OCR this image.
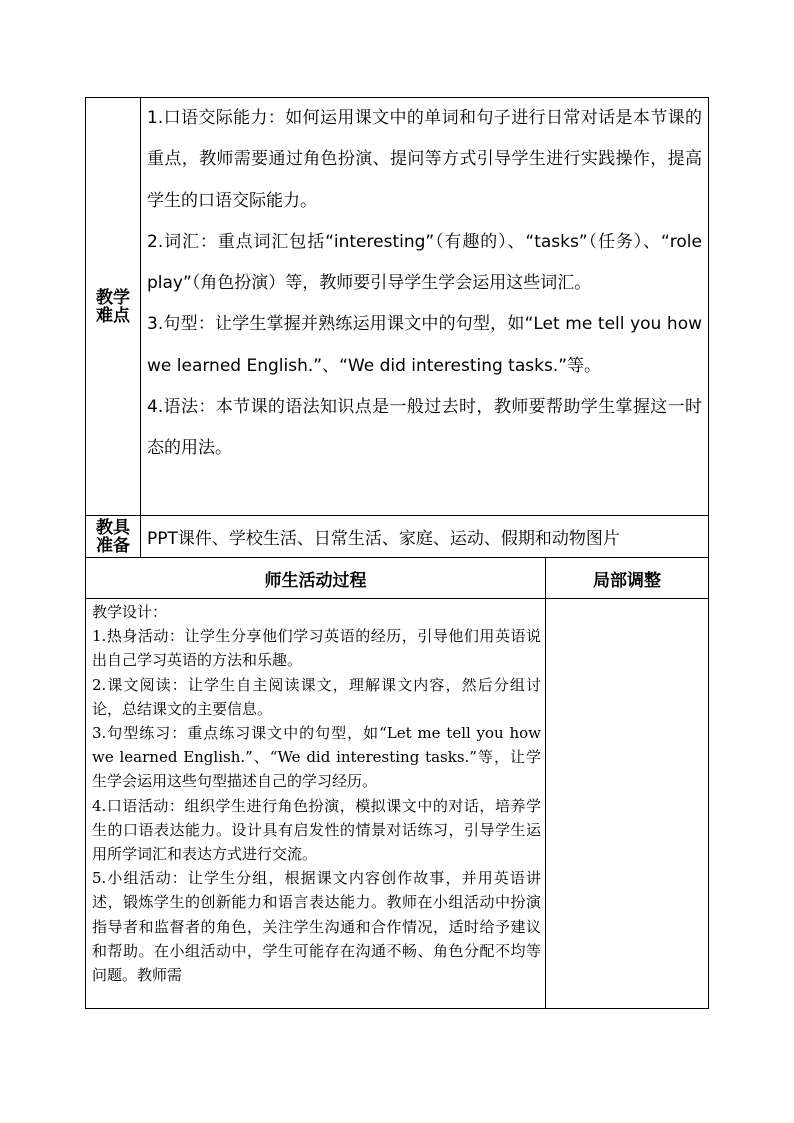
教学难点

1.口语交际能力：如何运用课文中的单词和句子进行日常对话是本节课的重点，教师需要通过角色扮演、提问等方式引导学生进行实践操作，提高学生的口语交际能力。

2.词汇：重点词汇包括“interesting”（有趣的）、“tasks”（任务）、“role play”（角色扮演）等，教师要引导学生学会运用这些词汇。

3.句型：让学生掌握并熟练运用课文中的句型，如“Let me tell you how we learned English.”、“We did interesting tasks.”等。

4.语法：本节课的语法知识点是一般过去时，教师要帮助学生掌握这一时态的用法。

教具准备 PPT课件、学校生活、日常生活、家庭、运动、假期和动物图片
师生活动过程	局部调整

教学设计：

1.热身活动：让学生分享他们学习英语的经历，引导他们用英语说出自己学习英语的方法和乐趣。

2.课文阅读：让学生自主阅读课文，理解课文内容，然后分组讨论，总结课文的主要信息。

3.句型练习：重点练习课文中的句型，如“Let me tell you how we learned English.”、“We did interesting tasks.”等，让学生学会运用这些句型描述自己的学习经历。

4.口语活动：组织学生进行角色扮演，模拟课文中的对话，培养学生的口语表达能力。设计具有启发性的情景对话练习，引导学生运用所学词汇和表达方式进行交流。

5.小组活动：让学生分组，根据课文内容创作故事，并用英语讲述，锻炼学生的创新能力和语言表达能力。教师在小组活动中扮演指导者和监督者的角色，关注学生沟通和合作情况，适时给予建议和帮助。在小组活动中，学生可能存在沟通不畅、角色分配不均等问题。教师需
